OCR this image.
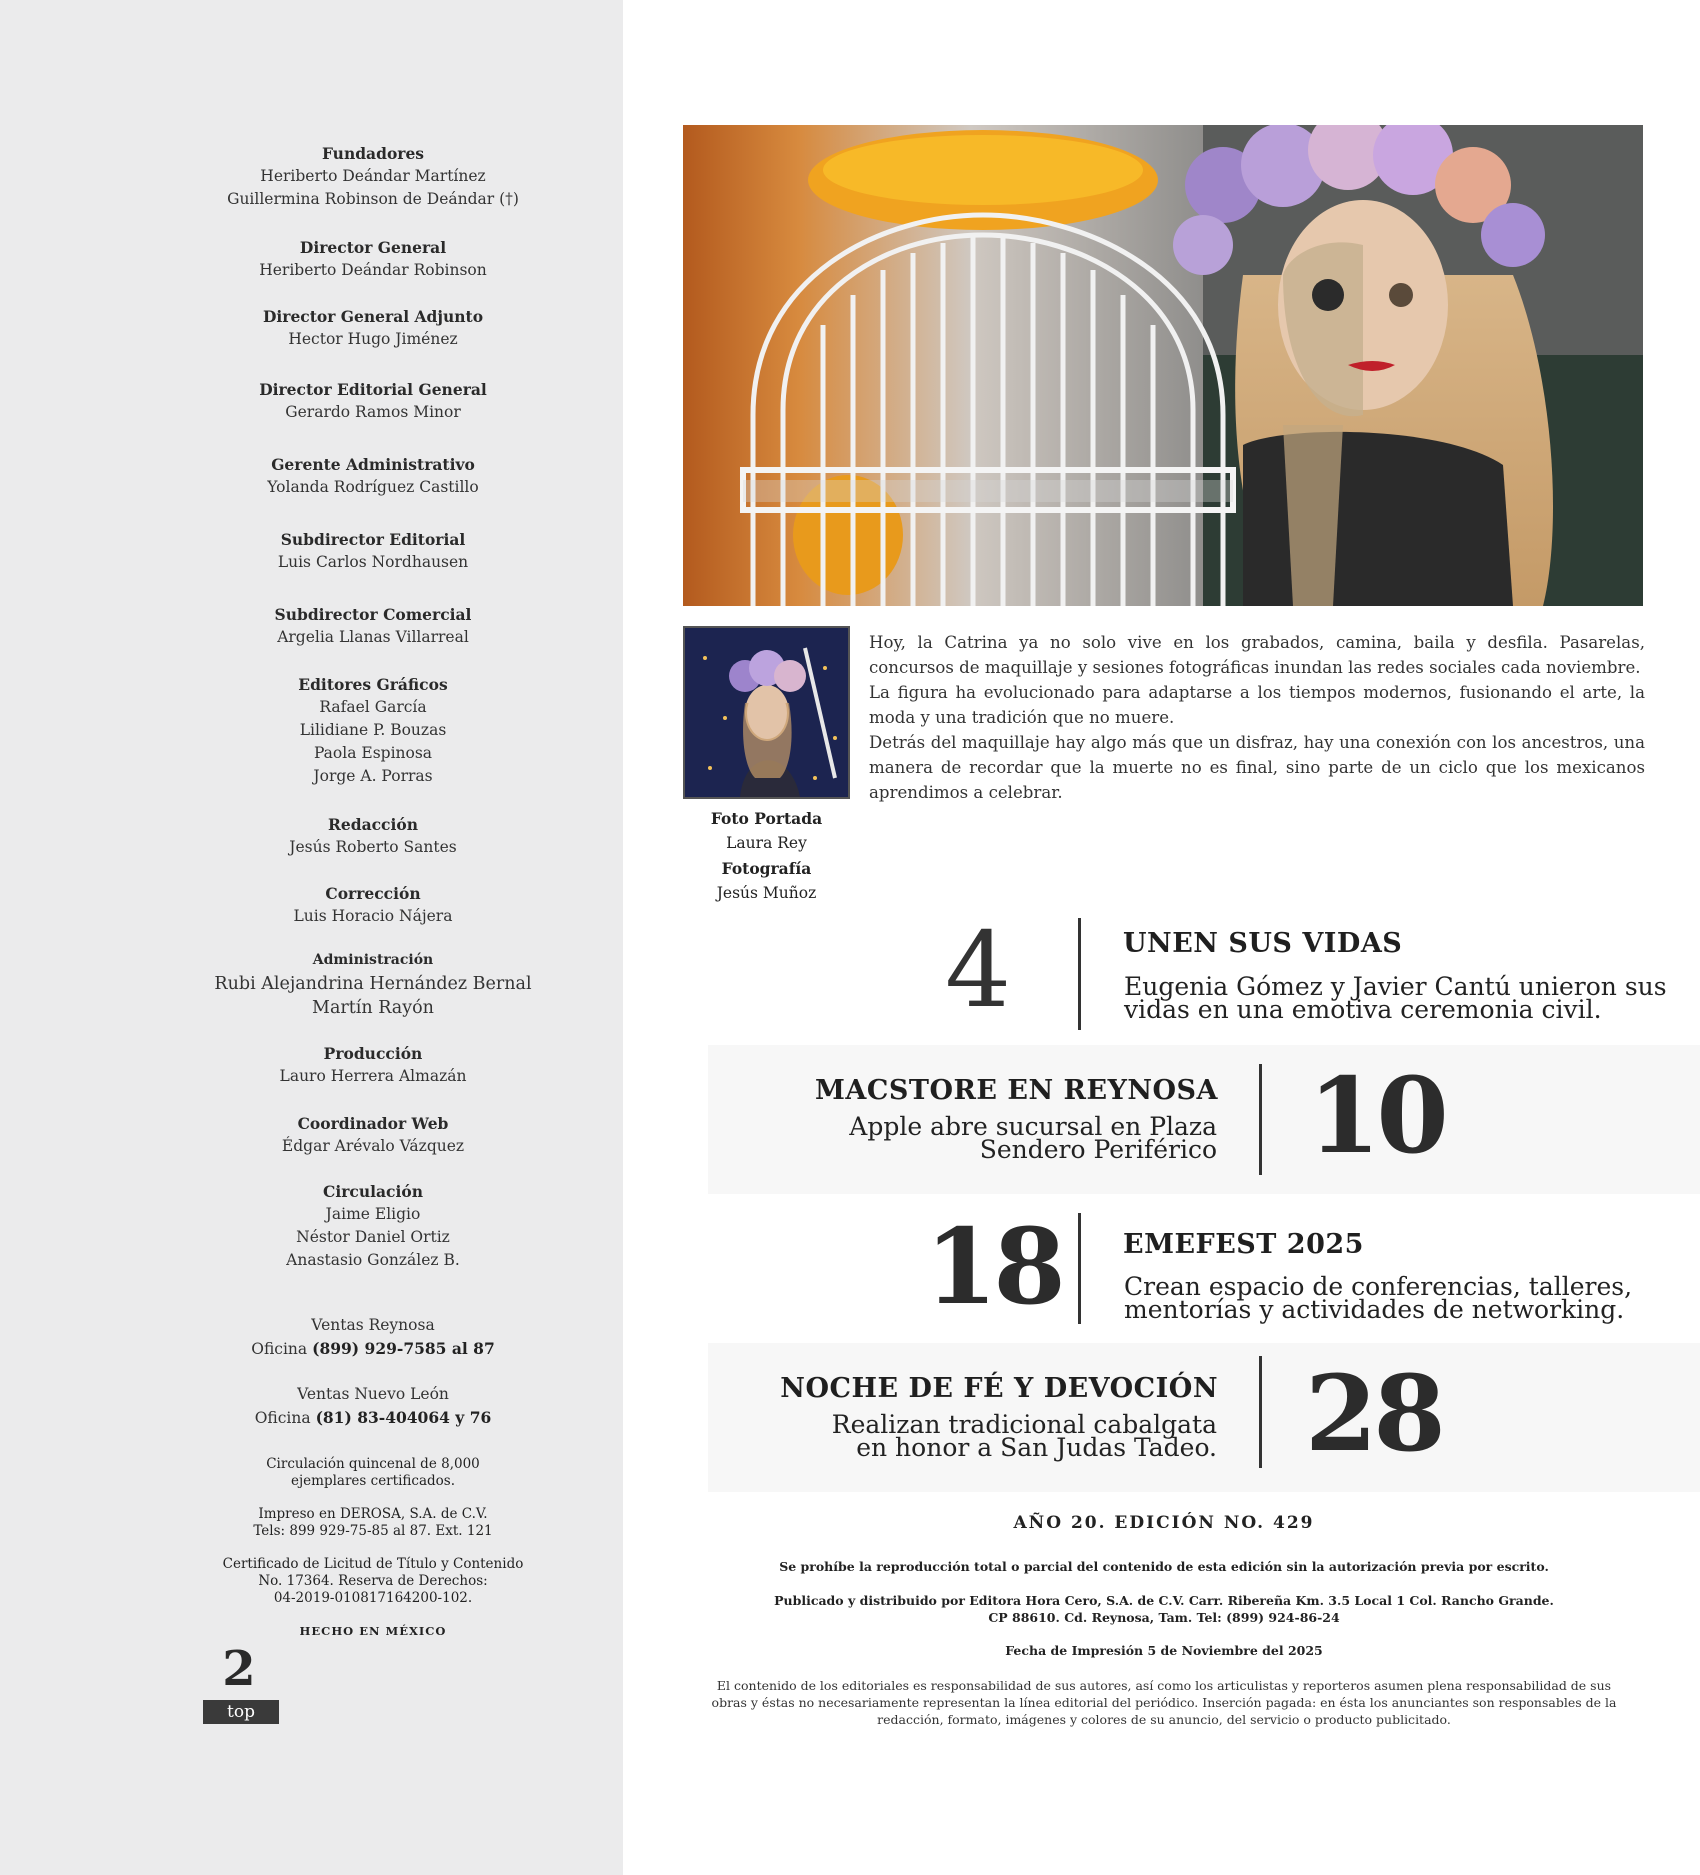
Fundadores
Heriberto Deándar Martínez
Guillermina Robinson de Deándar (†)
Director General
Heriberto Deándar Robinson
Director General Adjunto
Hector Hugo Jiménez
Director Editorial General
Gerardo Ramos Minor
Gerente Administrativo
Yolanda Rodríguez Castillo
Subdirector Editorial
Luis Carlos Nordhausen
Subdirector Comercial
Argelia Llanas Villarreal
Editores Gráficos
Rafael García
Lilidiane P. Bouzas
Paola Espinosa
Jorge A. Porras
Redacción
Jesús Roberto Santes
Corrección
Luis Horacio Nájera
Administración
Rubi Alejandrina Hernández Bernal
Martín Rayón
Producción
Lauro Herrera Almazán
Coordinador Web
Édgar Arévalo Vázquez
Circulación
Jaime Eligio
Néstor Daniel Ortiz
Anastasio González B.
Ventas Reynosa
Oficina (899) 929-7585 al 87
Ventas Nuevo León
Oficina (81) 83-404064 y 76
Circulación quincenal de 8,000
ejemplares certificados.
Impreso en DEROSA, S.A. de C.V.
Tels: 899 929-75-85 al 87. Ext. 121
Certificado de Licitud de Título y Contenido
No. 17364. Reserva de Derechos:
04-2019-010817164200-102.
HECHO EN MÉXICO
2
top
Foto Portada
Laura Rey
Fotografía
Jesús Muñoz

Hoy, la Catrina ya no solo vive en los grabados, camina, baila y desfila. Pasarelas, concursos de maquillaje y sesiones fotográficas inundan las redes sociales cada noviembre.

La figura ha evolucionado para adaptarse a los tiempos modernos, fusionando el arte, la moda y una tradición que no muere.

Detrás del maquillaje hay algo más que un disfraz, hay una conexión con los ancestros, una manera de recordar que la muerte no es final, sino parte de un ciclo que los mexicanos aprendimos a celebrar.

4	UNEN SUS VIDAS
Eugenia Gómez y Javier Cantú unieron sus
vidas en una emotiva ceremonia civil.
MACSTORE EN REYNOSA
Apple abre sucursal en Plaza
Sendero Periférico 10
18 EMEFEST 2025
Crean espacio de conferencias, talleres,
mentorías y actividades de networking.
NOCHE DE FÉ Y DEVOCIÓN
Realizan tradicional cabalgata
en honor a San Judas Tadeo. 28
AÑO 20. EDICIÓN NO. 429
Se prohíbe la reproducción total o parcial del contenido de esta edición sin la autorización previa por escrito.
Publicado y distribuido por Editora Hora Cero, S.A. de C.V. Carr. Ribereña Km. 3.5 Local 1 Col. Rancho Grande.
CP 88610. Cd. Reynosa, Tam. Tel: (899) 924-86-24
Fecha de Impresión 5 de Noviembre del 2025
El contenido de los editoriales es responsabilidad de sus autores, así como los articulistas y reporteros asumen plena responsabilidad de sus
obras y éstas no necesariamente representan la línea editorial del periódico. Inserción pagada: en ésta los anunciantes son responsables de la
redacción, formato, imágenes y colores de su anuncio, del servicio o producto publicitado.
